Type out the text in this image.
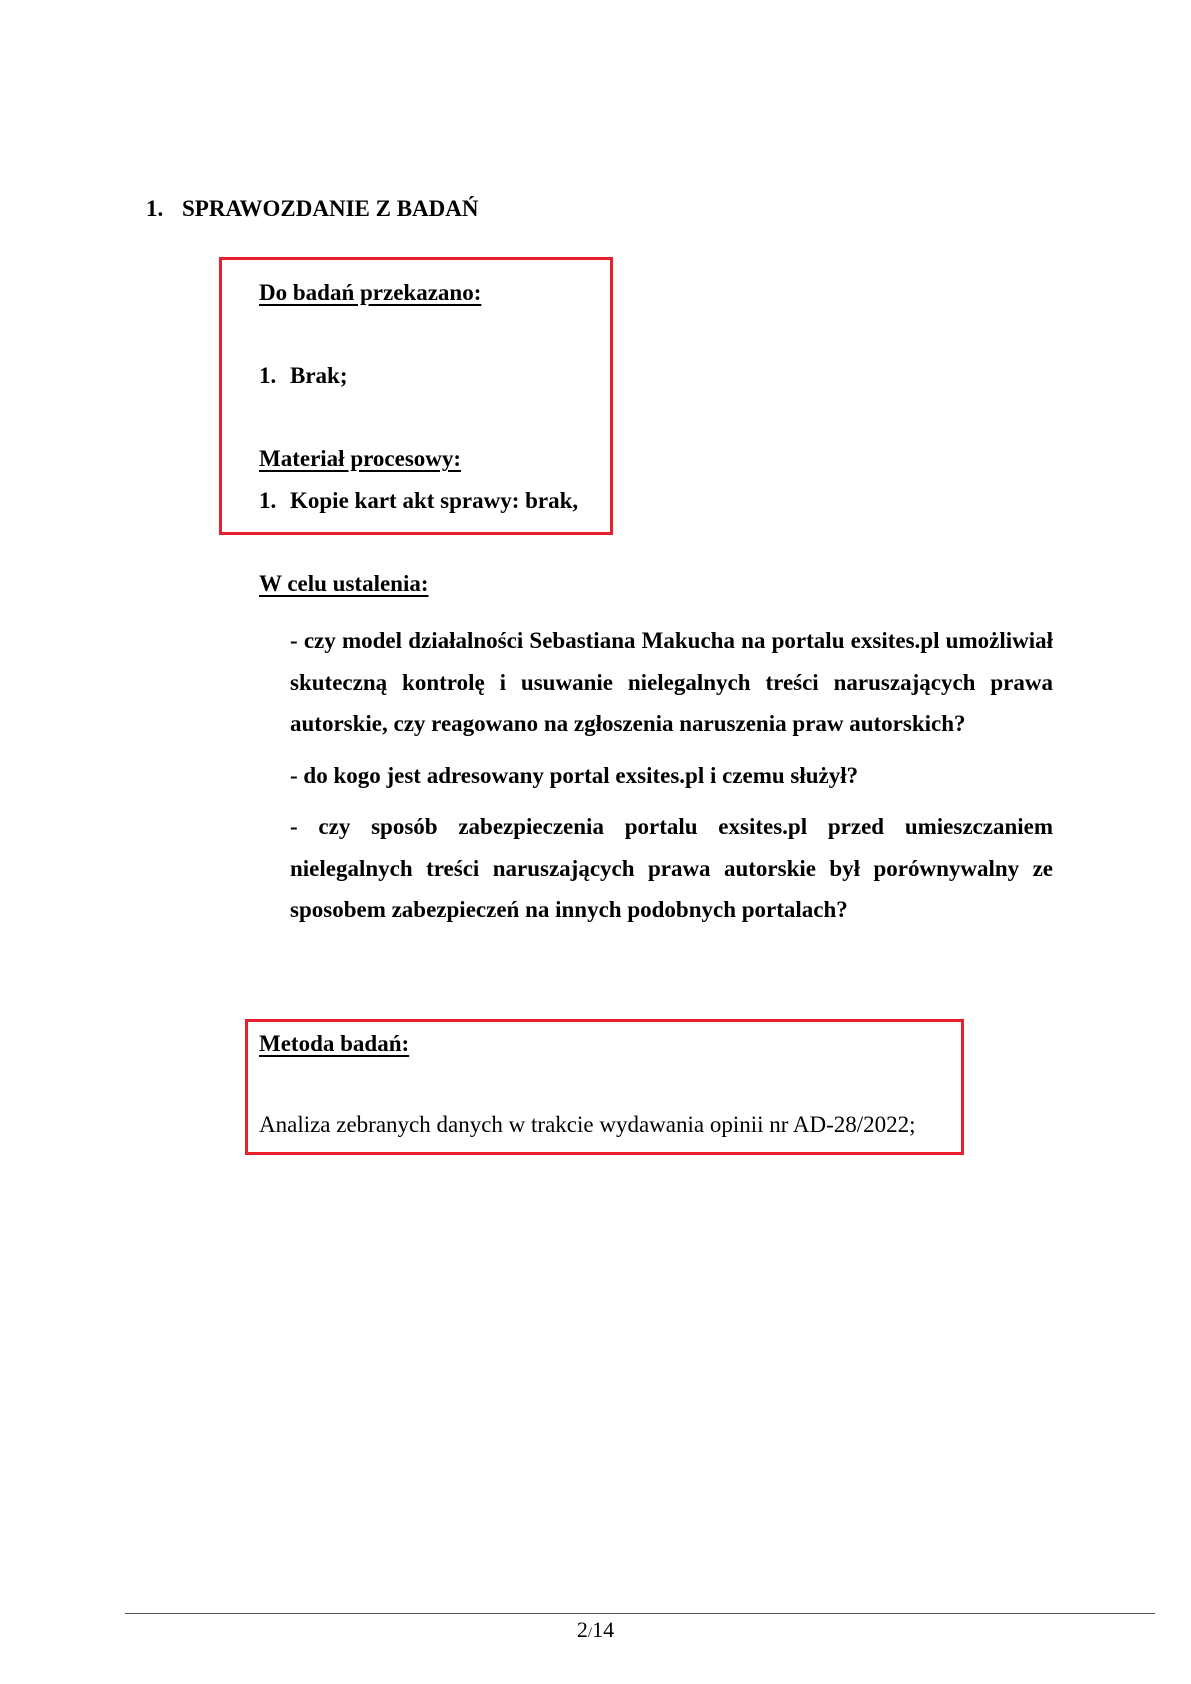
1. SPRAWOZDANIE Z BADAŃ
Do badań przekazano:
1. Brak;
Materiał procesowy:
1. Kopie kart akt sprawy: brak,
W celu ustalenia:

- czy model działalności Sebastiana Makucha na portalu exsites.pl umożliwiał skuteczną kontrolę i usuwanie nielegalnych treści naruszających prawa autorskie, czy reagowano na zgłoszenia naruszenia praw autorskich?

- do kogo jest adresowany portal exsites.pl i czemu służył?

- czy sposób zabezpieczenia portalu exsites.pl przed umieszczaniem nielegalnych treści naruszających prawa autorskie był porównywalny ze sposobem zabezpieczeń na innych podobnych portalach?

Metoda badań:
Analiza zebranych danych w trakcie wydawania opinii nr AD-28/2022;
2/14
